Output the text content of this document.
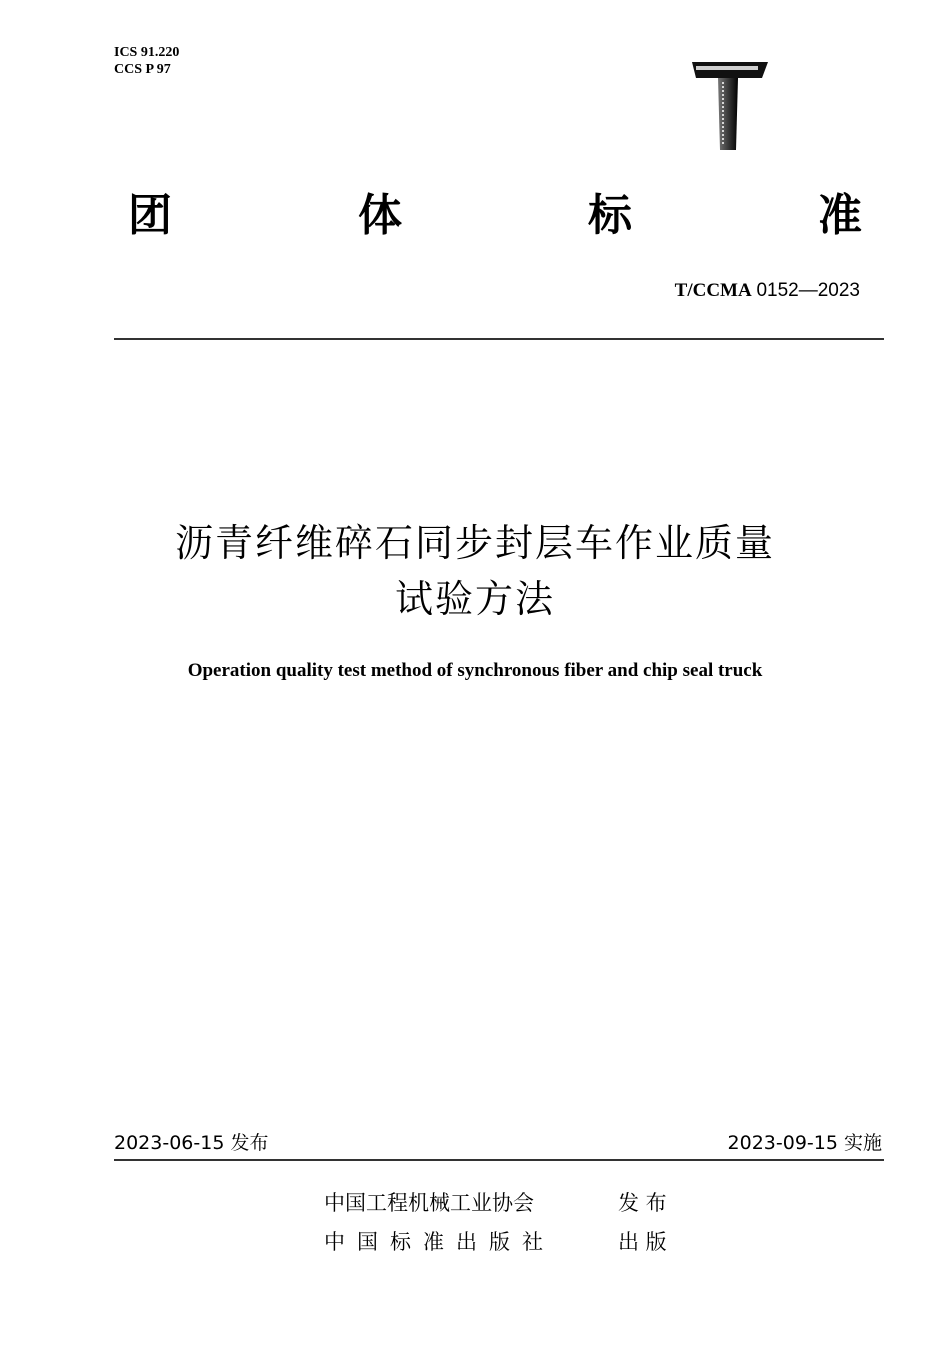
ICS 91.220
CCS P 97
团	体	标	准
T/CCMA 0152—2023
沥青纤维碎石同步封层车作业质量
试验方法
Operation quality test method of synchronous fiber and chip seal truck
2023-06-15 发布	2023-09-15 实施
中国工程机械工业协会	发 布
中国标准出版社	出 版
